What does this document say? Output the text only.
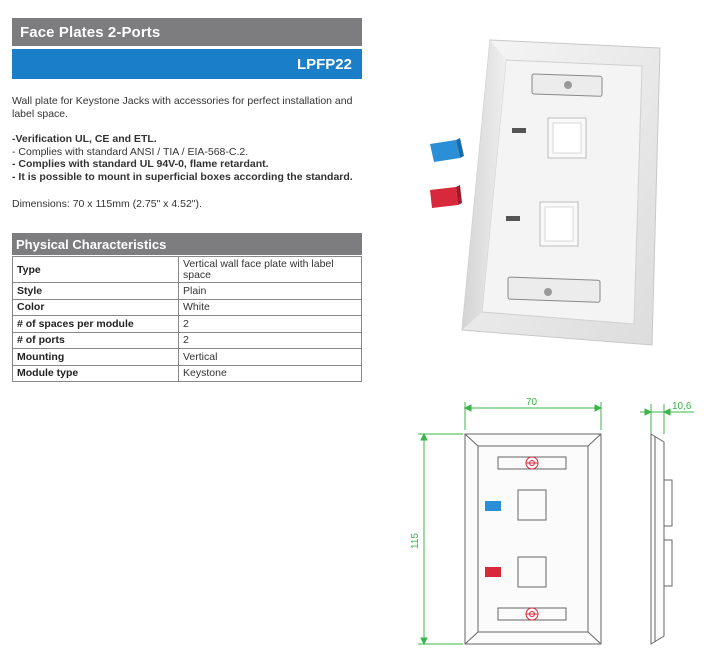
Face Plates 2-Ports
LPFP22
Wall plate for Keystone Jacks with accessories for perfect installation and label space.
-Verification UL, CE and ETL.
- Complies with standard ANSI / TIA / EIA-568-C.2.
- Complies with standard UL 94V-0, flame retardant.
- It is possible to mount in superficial boxes according the standard.
Dimensions: 70 x 115mm (2.75" x 4.52").
Physical Characteristics
Type	Vertical wall face plate with label space
Style	Plain
Color	White
# of spaces per module	2
# of ports	2
Mounting	Vertical
Module type	Keystone
70
115
10,6
